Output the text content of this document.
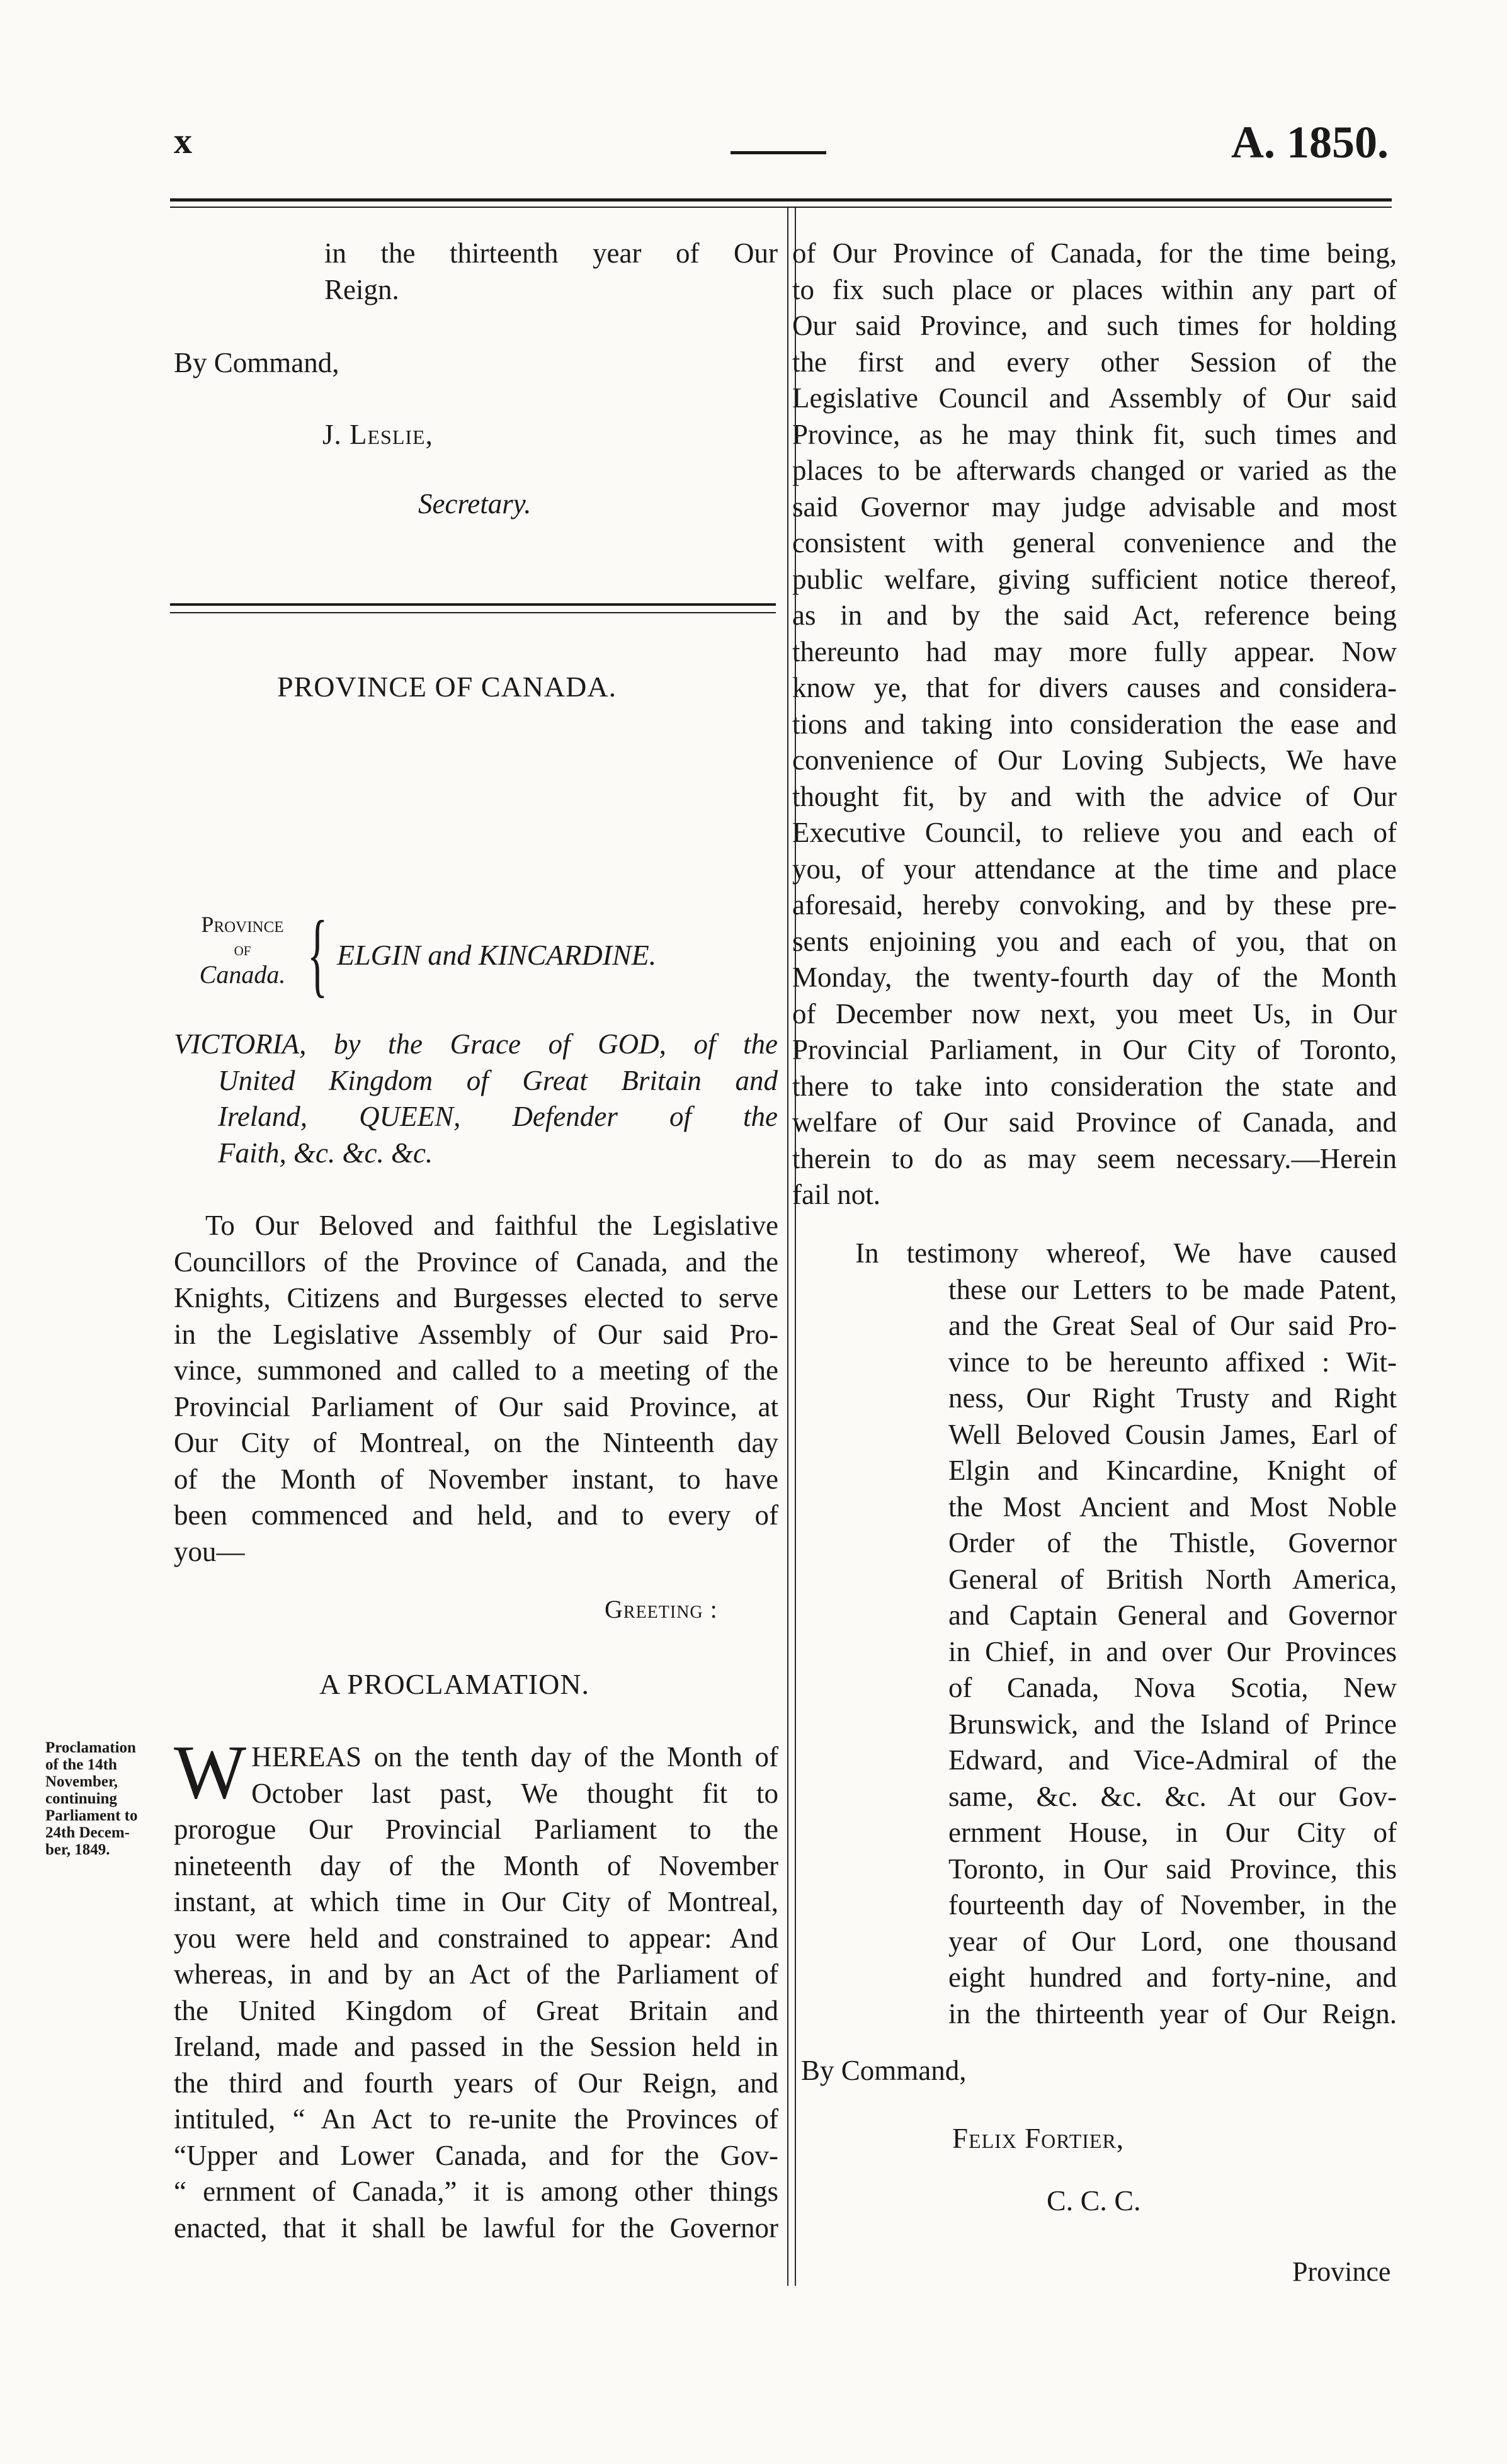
x	A. 1850.
in the thirteenth year of Our
Reign.
By Command,
J. Leslie,
Secretary.
PROVINCE OF CANADA.
Province
of
Canada. { ELGIN and KINCARDINE.
VICTORIA, by the Grace of GOD, of the
United Kingdom of Great Britain and
Ireland, QUEEN, Defender of the
Faith, &c. &c. &c.
To Our Beloved and faithful the Legislative
Councillors of the Province of Canada, and the
Knights, Citizens and Burgesses elected to serve
in the Legislative Assembly of Our said Pro-
vince, summoned and called to a meeting of the
Provincial Parliament of Our said Province, at
Our City of Montreal, on the Ninteenth day
of the Month of November instant, to have
been commenced and held, and to every of
you—
Greeting :
A PROCLAMATION.
Proclamation
of the 14th
November,
continuing
Parliament to
24th Decem-
ber, 1849.
W HEREAS on the tenth day of the Month of
October last past, We thought fit to
prorogue Our Provincial Parliament to the
nineteenth day of the Month of November
instant, at which time in Our City of Montreal,
you were held and constrained to appear: And
whereas, in and by an Act of the Parliament of
the United Kingdom of Great Britain and
Ireland, made and passed in the Session held in
the third and fourth years of Our Reign, and
intituled, “ An Act to re-unite the Provinces of
“Upper and Lower Canada, and for the Gov-
“ ernment of Canada,” it is among other things
enacted, that it shall be lawful for the Governor
of Our Province of Canada, for the time being,
to fix such place or places within any part of
Our said Province, and such times for holding
the first and every other Session of the
Legislative Council and Assembly of Our said
Province, as he may think fit, such times and
places to be afterwards changed or varied as the
said Governor may judge advisable and most
consistent with general convenience and the
public welfare, giving sufficient notice thereof,
as in and by the said Act, reference being
thereunto had may more fully appear. Now
know ye, that for divers causes and considera-
tions and taking into consideration the ease and
convenience of Our Loving Subjects, We have
thought fit, by and with the advice of Our
Executive Council, to relieve you and each of
you, of your attendance at the time and place
aforesaid, hereby convoking, and by these pre-
sents enjoining you and each of you, that on
Monday, the twenty-fourth day of the Month
of December now next, you meet Us, in Our
Provincial Parliament, in Our City of Toronto,
there to take into consideration the state and
welfare of Our said Province of Canada, and
therein to do as may seem necessary.—Herein
fail not.
In testimony whereof, We have caused
these our Letters to be made Patent,
and the Great Seal of Our said Pro-
vince to be hereunto affixed : Wit-
ness, Our Right Trusty and Right
Well Beloved Cousin James, Earl of
Elgin and Kincardine, Knight of
the Most Ancient and Most Noble
Order of the Thistle, Governor
General of British North America,
and Captain General and Governor
in Chief, in and over Our Provinces
of Canada, Nova Scotia, New
Brunswick, and the Island of Prince
Edward, and Vice-Admiral of the
same, &c. &c. &c. At our Gov-
ernment House, in Our City of
Toronto, in Our said Province, this
fourteenth day of November, in the
year of Our Lord, one thousand
eight hundred and forty-nine, and
in the thirteenth year of Our Reign.
By Command,
Felix Fortier,
C. C. C.
Province
